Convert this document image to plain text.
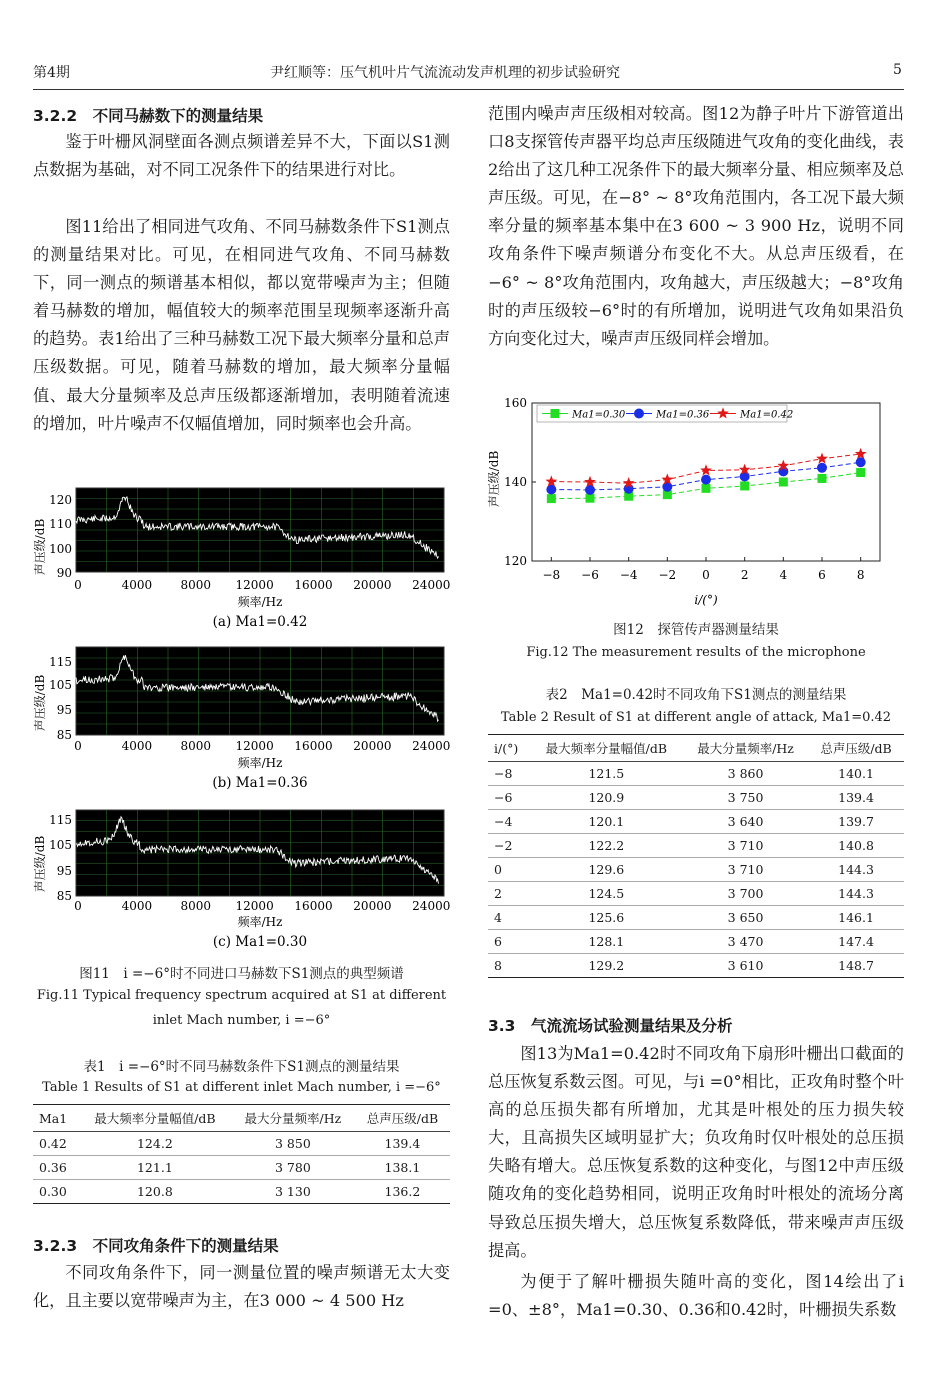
第4期	尹红顺等：压气机叶片气流流动发声机理的初步试验研究	5
3.2.2　不同马赫数下的测量结果

鉴于叶栅风洞壁面各测点频谱差异不大，下面以S1测点数据为基础，对不同工况条件下的结果进行对比。

图11给出了相同进气攻角、不同马赫数条件下S1测点的测量结果对比。可见，在相同进气攻角、不同马赫数下，同一测点的频谱基本相似，都以宽带噪声为主；但随着马赫数的增加，幅值较大的频率范围呈现频率逐渐升高的趋势。表1给出了三种马赫数工况下最大频率分量和总声压级数据。可见，随着马赫数的增加，最大频率分量幅值、最大分量频率及总声压级都逐渐增加，表明随着流速的增加，叶片噪声不仅幅值增加，同时频率也会升高。

声压级/dB
120
110
100
90
0	4000 8000 12000 16000 20000 24000
频率/Hz
(a) Ma1=0.42
声压级/dB
115
105
95
85
0	4000 8000 12000 16000 20000 24000
频率/Hz
(b) Ma1=0.36
声压级/dB
115
105
95
85
0	4000 8000 12000 16000 20000 24000
频率/Hz
(c) Ma1=0.30
图11　i =−6°时不同进口马赫数下S1测点的典型频谱
Fig.11 Typical frequency spectrum acquired at S1 at different
inlet Mach number, i =−6°
表1　i =−6°时不同马赫数条件下S1测点的测量结果
Table 1 Results of S1 at different inlet Mach number, i =−6°
Ma1	最大频率分量幅值/dB	最大分量频率/Hz	总声压级/dB
0.42	124.2	3 850	139.4
0.36	121.1	3 780	138.1
0.30	120.8	3 130	136.2
3.2.3　不同攻角条件下的测量结果

不同攻角条件下，同一测量位置的噪声频谱无太大变化，且主要以宽带噪声为主，在3 000 ~ 4 500 Hz

范围内噪声声压级相对较高。图12为静子叶片下游管道出口8支探管传声器平均总声压级随进气攻角的变化曲线，表2给出了这几种工况条件下的最大频率分量、相应频率及总声压级。可见，在−8° ~ 8°攻角范围内，各工况下最大频率分量的频率基本集中在3 600 ~ 3 900 Hz，说明不同攻角条件下噪声频谱分布变化不大。从总声压级看，在−6° ~ 8°攻角范围内，攻角越大，声压级越大；−8°攻角时的声压级较−6°时的有所增加，说明进气攻角如果沿负方向变化过大，噪声声压级同样会增加。

声压级/dB
−8 −6 −4 −2 0	2	4	6	8
120
140
160
Ma1=0.30	Ma1=0.36	Ma1=0.42
i/(°)
图12　探管传声器测量结果
Fig.12 The measurement results of the microphone
表2　Ma1=0.42时不同攻角下S1测点的测量结果
Table 2 Result of S1 at different angle of attack, Ma1=0.42
i/(°)	最大频率分量幅值/dB	最大分量频率/Hz	总声压级/dB
−8	121.5	3 860	140.1
−6	120.9	3 750	139.4
−4	120.1	3 640	139.7
−2	122.2	3 710	140.8
0	129.6	3 710	144.3
2	124.5	3 700	144.3
4	125.6	3 650	146.1
6	128.1	3 470	147.4
8	129.2	3 610	148.7
3.3　气流流场试验测量结果及分析

图13为Ma1=0.42时不同攻角下扇形叶栅出口截面的总压恢复系数云图。可见，与i =0°相比，正攻角时整个叶高的总压损失都有所增加，尤其是叶根处的压力损失较大，且高损失区域明显扩大；负攻角时仅叶根处的总压损失略有增大。总压恢复系数的这种变化，与图12中声压级随攻角的变化趋势相同，说明正攻角时叶根处的流场分离导致总压损失增大，总压恢复系数降低，带来噪声声压级提高。

为便于了解叶栅损失随叶高的变化，图14绘出了i =0、±8°，Ma1=0.30、0.36和0.42时，叶栅损失系数
